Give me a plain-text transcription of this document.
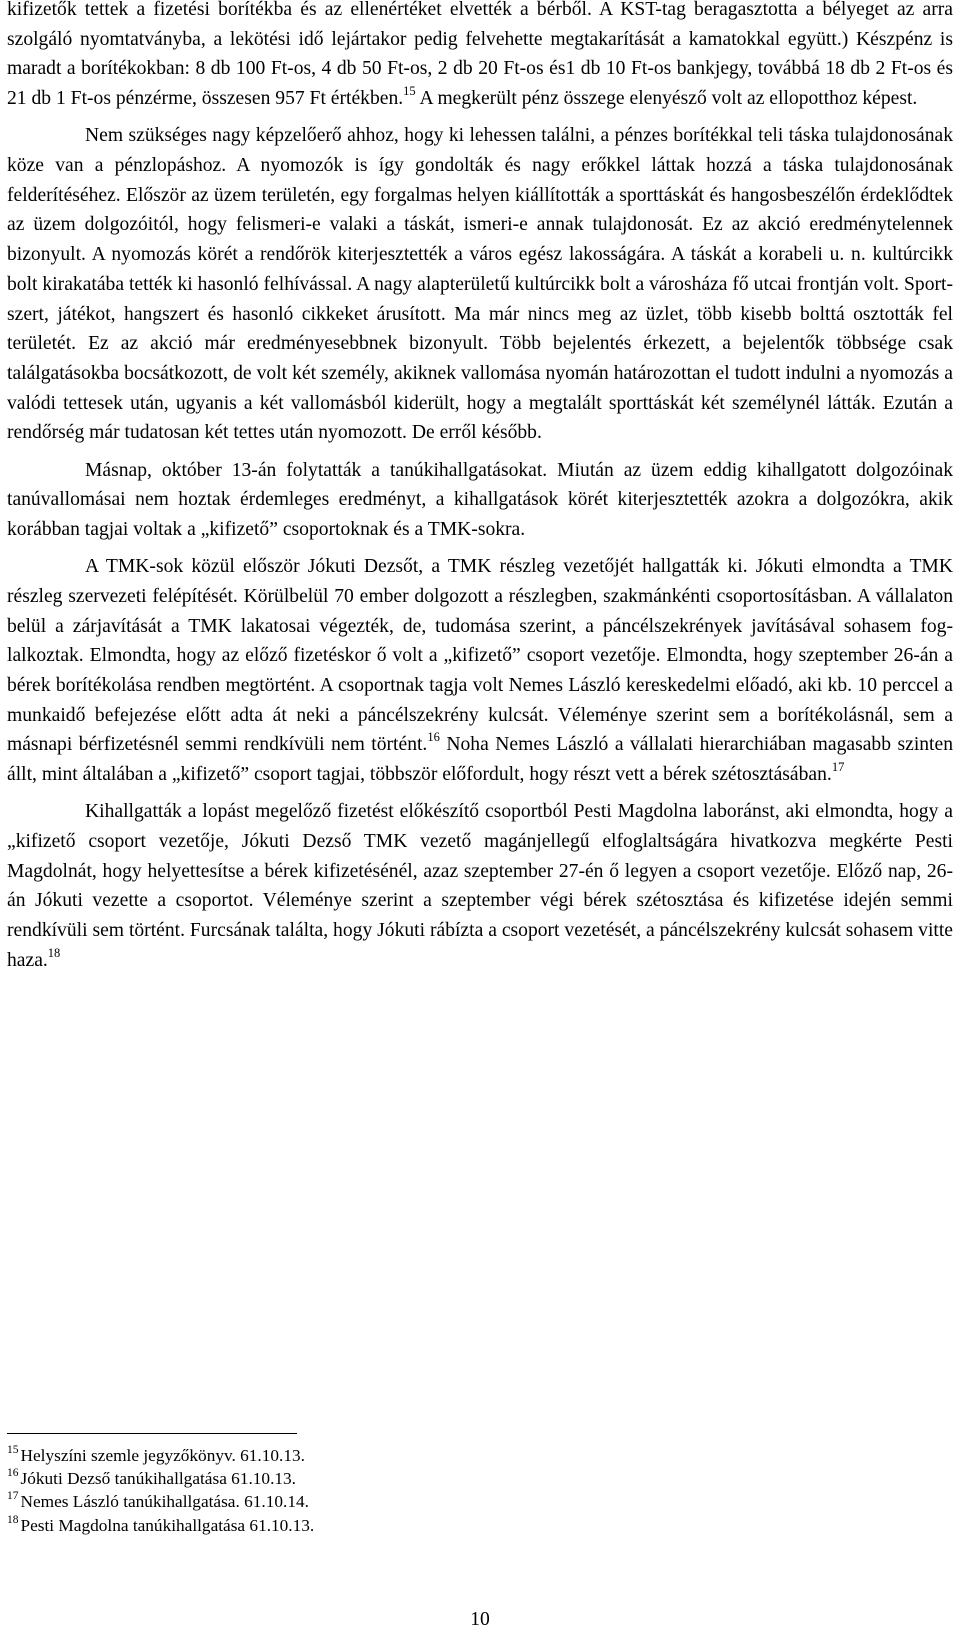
kifizetők tettek a fizetési borítékba és az ellenértéket elvették a bérből. A KST-tag beragasztotta a bélyeget az arra szolgáló nyomtatványba, a lekötési idő lejártakor pedig felvehette megtakarítását a kamatokkal együtt.) Készpénz is maradt a borítékokban: 8 db 100 Ft-os, 4 db 50 Ft-os, 2 db 20 Ft-os és1 db 10 Ft-os bankjegy, továbbá 18 db 2 Ft-os és 21 db 1 Ft-os pénzérme, összesen 957 Ft értékben.$^{15}$ A megkerült pénz összege elenyésző volt az ellopotthoz képest.

Nem szükséges nagy képzelőerő ahhoz, hogy ki lehessen találni, a pénzes borítékkal teli táska tulajdonosának köze van a pénzlopáshoz. A nyomozók is így gondolták és nagy erőkkel láttak hozzá a táska tulajdonosának felderítéséhez. Először az üzem területén, egy forgalmas helyen kiállították a sporttáskát és hangosbeszélőn érdeklődtek az üzem dolgozóitól, hogy felismeri-e valaki a táskát, ismeri-e annak tulajdonosát. Ez az akció eredménytelennek bizonyult. A nyomozás körét a rendőrök kiterjesztették a város egész lakosságára. A táskát a korabeli u. n. kultúrcikk bolt kirakatába tették ki hasonló felhívással. A nagy alapterületű kultúrcikk bolt a városháza fő utcai frontján volt. Sportszert, játékot, hangszert és hasonló cikkeket árusított. Ma már nincs meg az üzlet, több kisebb bolttá osztották fel területét. Ez az akció már eredményesebbnek bizonyult. Több bejelentés érkezett, a bejelentők többsége csak találgatásokba bocsátkozott, de volt két személy, akiknek vallomása nyomán határozottan el tudott indulni a nyomozás a valódi tettesek után, ugyanis a két vallomásból kiderült, hogy a megtalált sporttáskát két személynél látták. Ezután a rendőrség már tudatosan két tettes után nyomozott. De erről később.

Másnap, október 13-án folytatták a tanúkihallgatásokat. Miután az üzem eddig kihallgatott dolgozóinak tanúvallomásai nem hoztak érdemleges eredményt, a kihallgatások körét kiterjesztették azokra a dolgozókra, akik korábban tagjai voltak a „kifizető” csoportoknak és a TMK-sokra.

A TMK-sok közül először Jókuti Dezsőt, a TMK részleg vezetőjét hallgatták ki. Jókuti elmondta a TMK részleg szervezeti felépítését. Körülbelül 70 ember dolgozott a részlegben, szakmánkénti csoportosításban. A vállalaton belül a zárjavítását a TMK lakatosai végezték, de, tudomása szerint, a páncélszekrények javításával sohasem foglalkoztak. Elmondta, hogy az előző fizetéskor ő volt a „kifizető” csoport vezetője. Elmondta, hogy szeptember 26-án a bérek borítékolása rendben megtörtént. A csoportnak tagja volt Nemes László kereskedelmi előadó, aki kb. 10 perccel a munkaidő befejezése előtt adta át neki a páncélszekrény kulcsát. Véleménye szerint sem a borítékolásnál, sem a másnapi bérfizetésnél semmi rendkívüli nem történt.$^{16}$ Noha Nemes László a vállalati hierarchiában magasabb szinten állt, mint általában a „kifizető” csoport tagjai, többször előfordult, hogy részt vett a bérek szétosztásában.$^{17}$

Kihallgatták a lopást megelőző fizetést előkészítő csoportból Pesti Magdolna laboránst, aki elmondta, hogy a „kifizető csoport vezetője, Jókuti Dezső TMK vezető magánjellegű elfoglaltságára hivatkozva megkérte Pesti Magdolnát, hogy helyettesítse a bérek kifizetésénél, azaz szeptember 27-én ő legyen a csoport vezetője. Előző nap, 26-án Jókuti vezette a csoportot. Véleménye szerint a szeptember végi bérek szétosztása és kifizetése idején semmi rendkívüli sem történt. Furcsának találta, hogy Jókuti rábízta a csoport vezetését, a páncélszekrény kulcsát sohasem vitte haza.$^{18}$

$^{15}$ Helyszíni szemle jegyzőkönyv. 61.10.13.
$^{16}$ Jókuti Dezső tanúkihallgatása 61.10.13.
$^{17}$ Nemes László tanúkihallgatása. 61.10.14.
$^{18}$ Pesti Magdolna tanúkihallgatása 61.10.13.
10
